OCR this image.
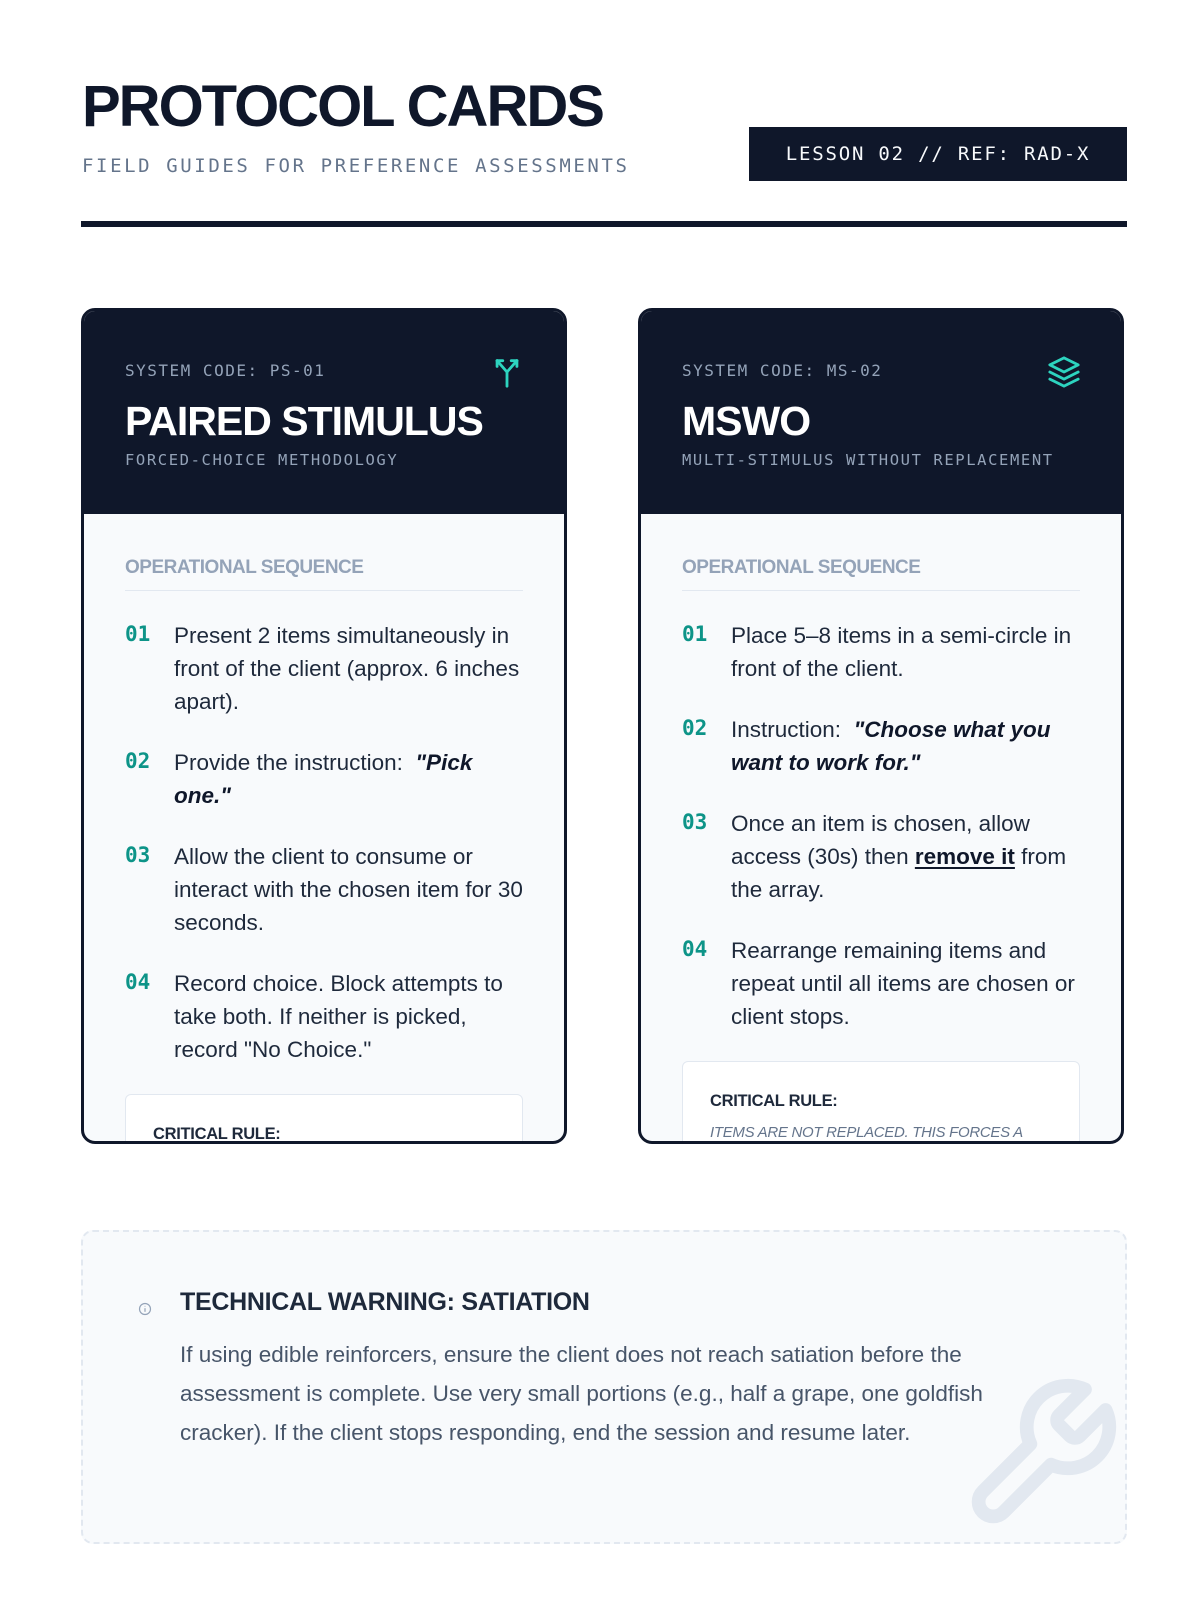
PROTOCOL CARDS
FIELD GUIDES FOR PREFERENCE ASSESSMENTS
LESSON 02 // REF: RAD-X
SYSTEM CODE: PS-01
PAIRED STIMULUS
FORCED-CHOICE METHODOLOGY
OPERATIONAL SEQUENCE
01	Present 2 items simultaneously in front of the client (approx. 6 inches apart).
02	Provide the instruction: "Pick one."
03	Allow the client to consume or interact with the chosen item for 30 seconds.
04	Record choice. Block attempts to take both. If neither is picked, record "No Choice."
CRITICAL RULE:
SYSTEM CODE: MS-02
MSWO
MULTI-STIMULUS WITHOUT REPLACEMENT
OPERATIONAL SEQUENCE
01	Place 5–8 items in a semi-circle in front of the client.
02	Instruction: "Choose what you want to work for."
03	Once an item is chosen, allow access (30s) then remove it from the array.
04	Rearrange remaining items and repeat until all items are chosen or client stops.
CRITICAL RULE:
ITEMS ARE NOT REPLACED. THIS FORCES A
TECHNICAL WARNING: SATIATION
If using edible reinforcers, ensure the client does not reach satiation before the assessment is complete. Use very small portions (e.g., half a grape, one goldfish cracker). If the client stops responding, end the session and resume later.
